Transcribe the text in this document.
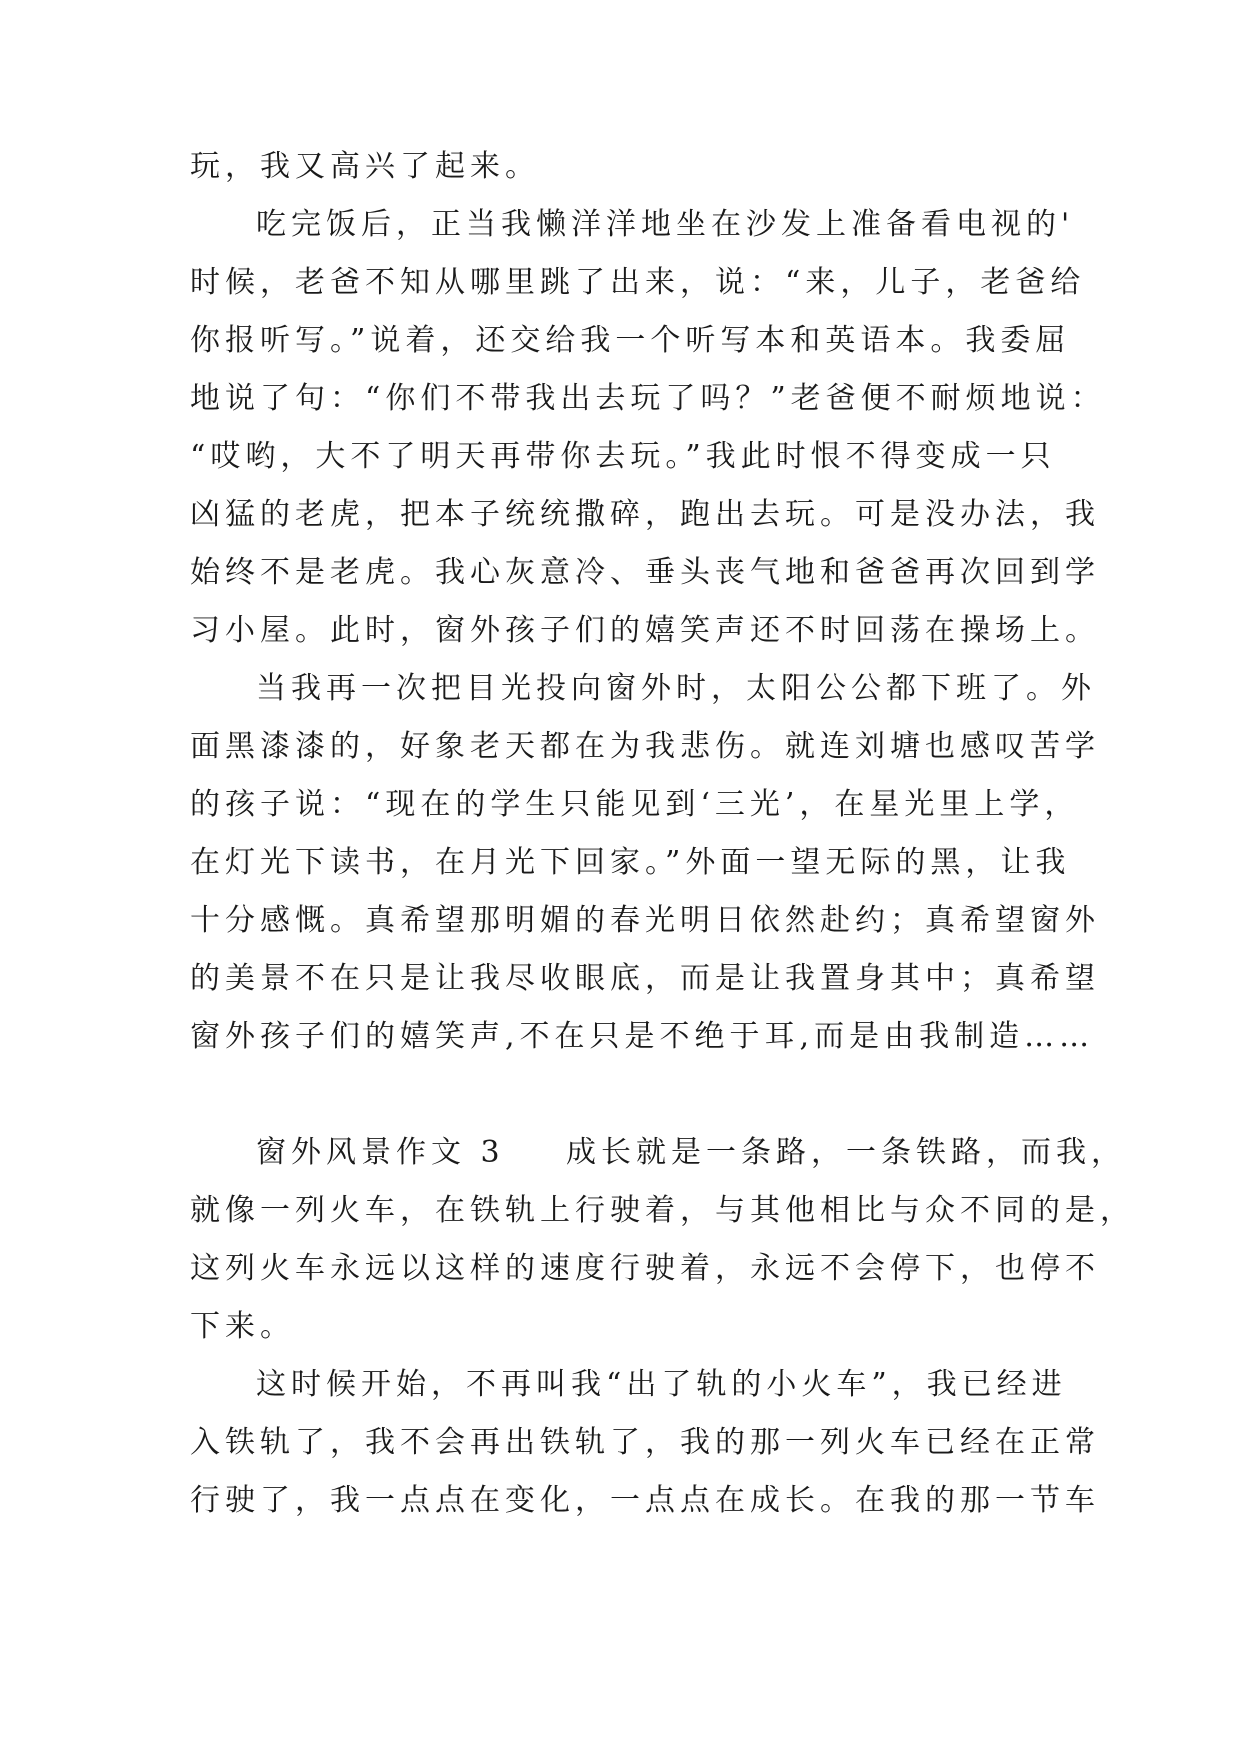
玩，我又高兴了起来。
吃完饭后，正当我懒洋洋地坐在沙发上准备看电视的'
时候，老爸不知从哪里跳了出来，说：“来，儿子，老爸给
你报听写。”说着，还交给我一个听写本和英语本。我委屈
地说了句：“你们不带我出去玩了吗？”老爸便不耐烦地说：
“哎哟，大不了明天再带你去玩。”我此时恨不得变成一只
凶猛的老虎，把本子统统撒碎，跑出去玩。可是没办法，我
始终不是老虎。我心灰意冷、垂头丧气地和爸爸再次回到学
习小屋。此时，窗外孩子们的嬉笑声还不时回荡在操场上。
当我再一次把目光投向窗外时，太阳公公都下班了。外
面黑漆漆的，好象老天都在为我悲伤。就连刘塘也感叹苦学
的孩子说：“现在的学生只能见到‘三光’，在星光里上学，
在灯光下读书，在月光下回家。”外面一望无际的黑，让我
十分感慨。真希望那明媚的春光明日依然赴约；真希望窗外
的美景不在只是让我尽收眼底，而是让我置身其中；真希望
窗外孩子们的嬉笑声,不在只是不绝于耳,而是由我制造……
窗外风景作文 3 成长就是一条路，一条铁路，而我，
就像一列火车，在铁轨上行驶着，与其他相比与众不同的是，
这列火车永远以这样的速度行驶着，永远不会停下，也停不
下来。
这时候开始，不再叫我“出了轨的小火车”，我已经进
入铁轨了，我不会再出铁轨了，我的那一列火车已经在正常
行驶了，我一点点在变化，一点点在成长。在我的那一节车
